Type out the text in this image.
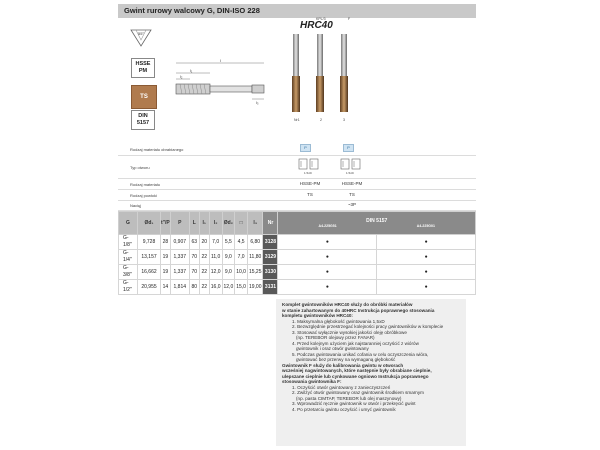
Gwint rurowy walcowy G, DIN-ISO 228
HRC40
KPL/3	F
55°
HSSE PM
TS
DIN 5157
l
l₁
l₂
l₃
Nr1	2	3
Rodzaj materiału obrabianego	P	P
Typ otworu
1.5xD	1.5xD
Rodzaj materiału	HSSE-PM	HSSE-PM
Rodzaj powłoki	TS	TS
Nacięj	~3P
G	Ød₁	t"/P	P	L	l₁	l₂	Ød₂	□	l₃	Nr	DIN 5157
A4-225G51 A4-225G01	

G-1/8"	9,728	28	0,907	63	20	7,0	5,5	4,5	6,80	3128	●	●
G-1/4"	13,157	19	1,337	70	22	11,0	9,0	7,0	11,80	3129	●	●
G-3/8"	16,662	19	1,337	70	22	12,0	9,0	10,0	15,25	3130	●	●
G-1/2"	20,955	14	1,814	80	22	16,0	12,0	15,0	19,00	3131	●	●
Komplet gwintowników HRC40 służy do obróbki materiałów
w stanie zahartowanym do 40HRC Instrukcja poprawnego stosowania
kompletu gwintowników HRC40:
1. Maksymalna głębokość gwintowania 1,5xD
2. Bezwzględnie przestrzegać kolejności pracy gwintowników w komplecie
3. Stosować wyłącznie wysokiej jakości oleję obróbkowe
(np. TEREBOR olejowy przez FANAR)
4. Przed kolejnym użyciem jak najstaranniej oczyścić z wiórów
gwintownik i oraz otwór gwintowany
5. Podczas gwintowania unikać cofania w celu oczyszczenia wióra,
gwintować bez przerwy na wymaganą głębokość
Gwintownik F służy do kalibrowania gwintu w otworach
wcześniej nagwintowanych, które następnie były obrabiane cieplnie,
ulepszane cieplnie lub cynkowane ogniowo Instrukcja poprawnego
stosowania gwintownika F:
1. Oczyścić otwór gwintowany z zanieczyszczeń
2. Zwilżyć otwór gwintowany oraz gwintownik środkiem smarnym
(np. pasta CIMTAP, TEREBOR lub olej maszynowy)
3. Wprowadzić ręcznie gwintownik w otwór i przekręcić gwint
4. Po przetarciu gwintu oczyścić i umyć gwintownik
